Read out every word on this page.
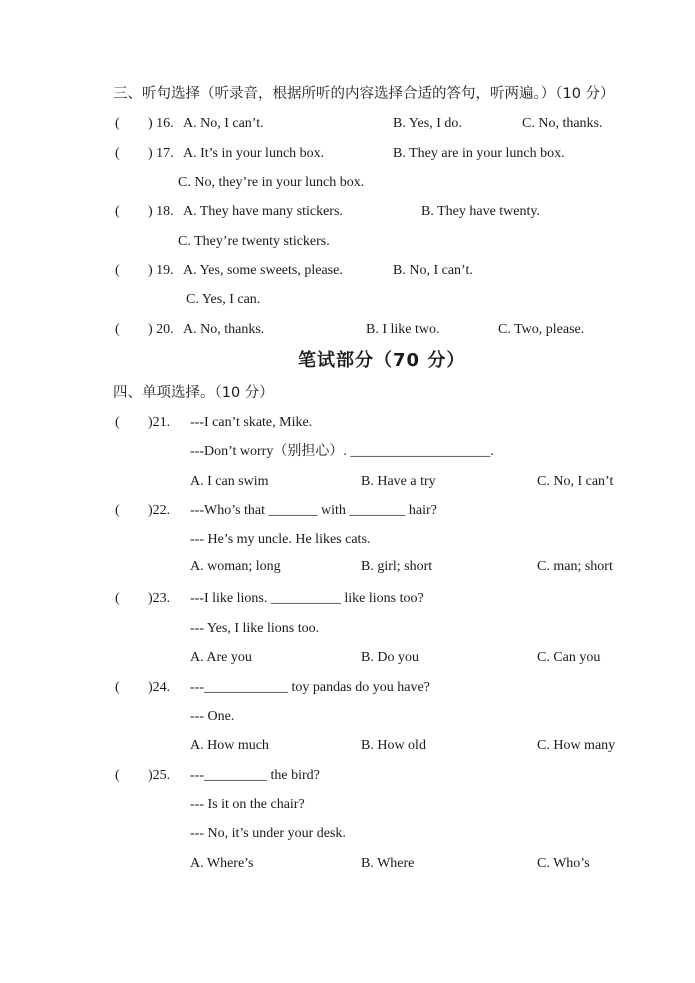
三、听句选择（听录音，根据所听的内容选择合适的答句，听两遍。）（10 分）
( ) 16. A. No, I can’t.	B. Yes, I do.	C. No, thanks.
( ) 17. A. It’s in your lunch box.	B. They are in your lunch box.
C. No, they’re in your lunch box.
( ) 18. A. They have many stickers.	B. They have twenty.
C. They’re twenty stickers.
( ) 19. A. Yes, some sweets, please.	B. No, I can’t.
C. Yes, I can.
( ) 20. A. No, thanks.	B. I like two.	C. Two, please.
笔试部分（70 分）
四、单项选择。（10 分）
( )21. ---I can’t skate, Mike.
---Don’t worry（别担心）. ____________________.
A. I can swim	B. Have a try	C. No, I can’t
( )22. ---Who’s that _______ with ________ hair?
--- He’s my uncle. He likes cats.
A. woman; long	B. girl; short	C. man; short
( )23. ---I like lions. __________ like lions too?
--- Yes, I like lions too.
A. Are you	B. Do you	C. Can you
( )24. ---____________ toy pandas do you have?
--- One.
A. How much	B. How old	C. How many
( )25. ---_________ the bird?
--- Is it on the chair?
--- No, it’s under your desk.
A. Where’s	B. Where	C. Who’s
